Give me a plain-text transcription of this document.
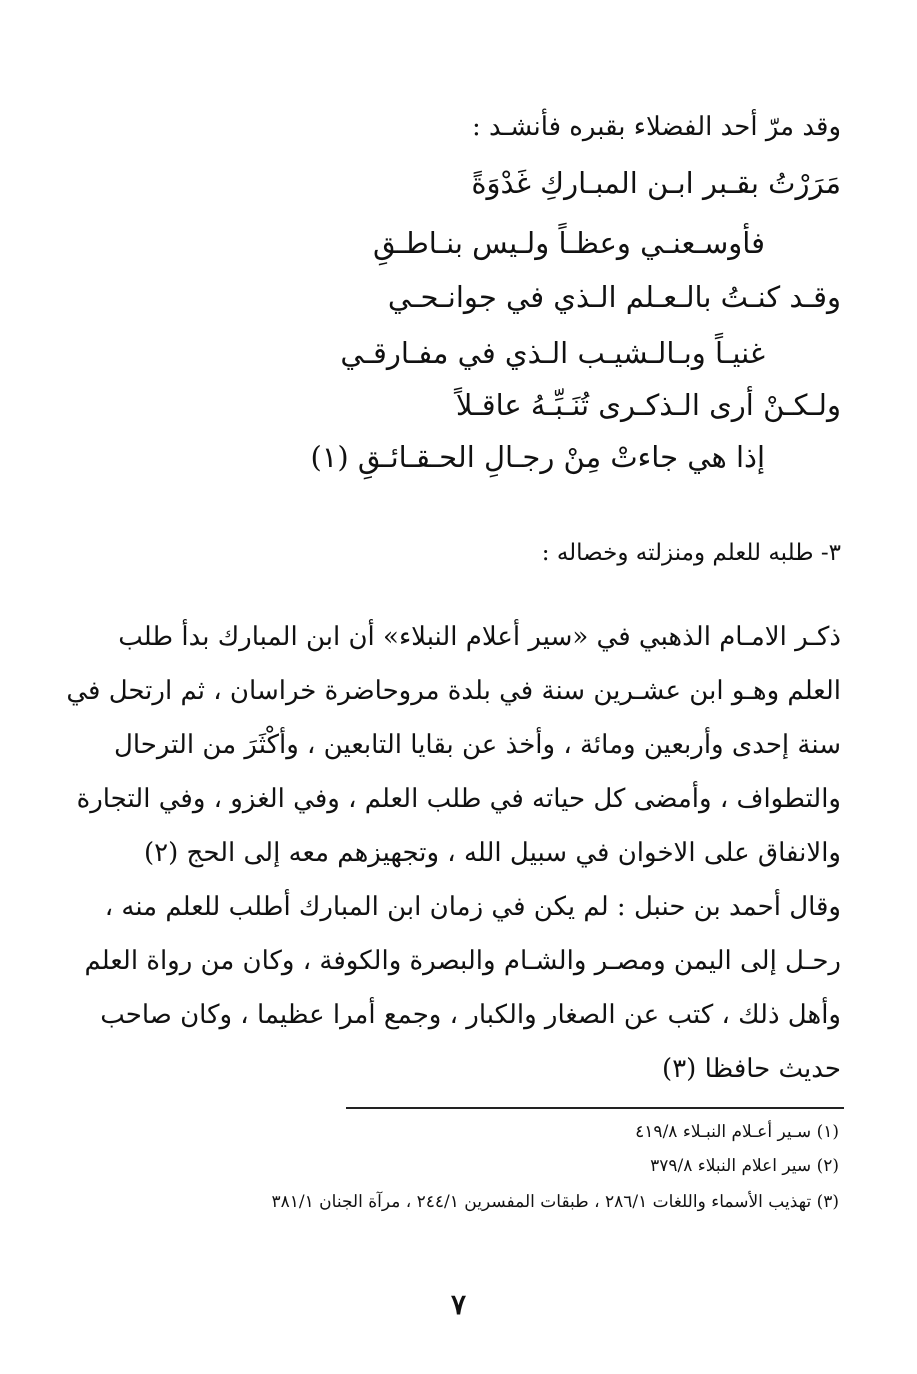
وقد مرّ أحد الفضلاء بقبره فأنشـد :
مَرَرْتُ بقـبر ابـن المبـاركِ غَدْوَةً
فأوسـعنـي وعظـاً ولـيس بنـاطـقِ
وقـد كنـتُ بالـعـلم الـذي في جوانـحـي
غنيـاً وبـالـشيـب الـذي في مفـارقـي
ولـكـنْ أرى الـذكـرى تُنَـبِّـهُ عاقـلاً
إذا هي جاءتْ مِنْ رجـالِ الحـقـائـقِ (١)
٣- طلبه للعلم ومنزلته وخصاله :
ذكـر الامـام الذهبي في «سير أعلام النبلاء» أن ابن المبارك بدأ طلب
العلم وهـو ابن عشـرين سنة في بلدة مروحاضرة خراسان ، ثم ارتحل في
سنة إحدى وأربعين ومائة ، وأخذ عن بقايا التابعين ، وأكْثَرَ من الترحال
والتطواف ، وأمضى كل حياته في طلب العلم ، وفي الغزو ، وفي التجارة
والانفاق على الاخوان في سبيل الله ، وتجهيزهم معه إلى الحج (٢)
وقال أحمد بن حنبل : لم يكن في زمان ابن المبارك أطلب للعلم منه ،
رحـل إلى اليمن ومصـر والشـام والبصرة والكوفة ، وكان من رواة العلم
وأهل ذلك ، كتب عن الصغار والكبار ، وجمع أمرا عظيما ، وكان صاحب
حديث حافظا (٣)
(١) سـير أعـلام النبـلاء ٤١٩/٨
(٢) سير اعلام النبلاء ٣٧٩/٨
(٣) تهذيب الأسماء واللغات ٢٨٦/١ ، طبقات المفسرين ٢٤٤/١ ، مرآة الجنان ٣٨١/١
٧
